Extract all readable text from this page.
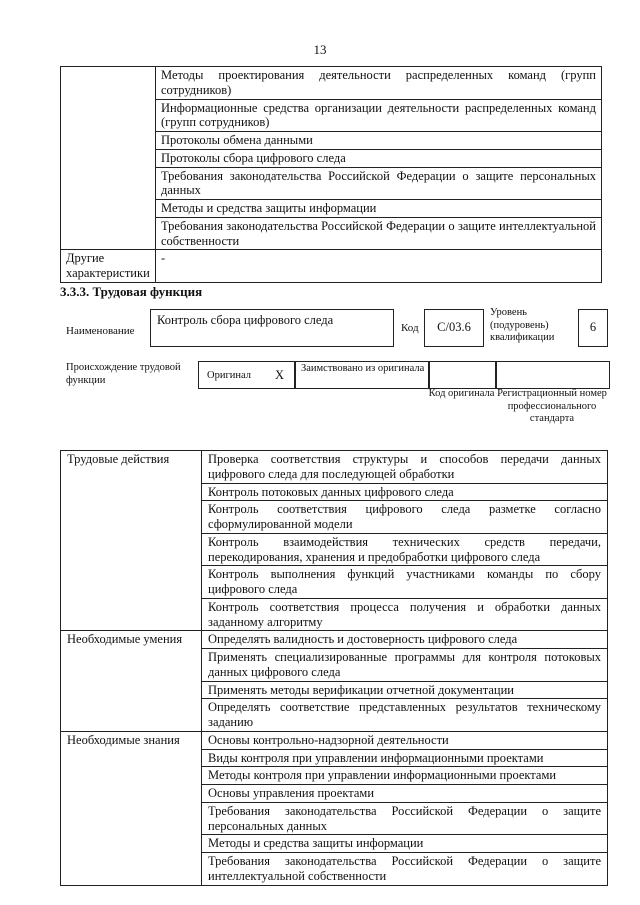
13
	Методы проектирования деятельности распределенных команд (групп сотрудников)
	Информационные средства организации деятельности распределенных команд (групп сотрудников)
	Протоколы обмена данными
	Протоколы сбора цифрового следа
	Требования законодательства Российской Федерации о защите персональных данных
	Методы и средства защиты информации
	Требования законодательства Российской Федерации о защите интеллектуальной собственности
Другие характеристики	-
3.3.3. Трудовая функция
Наименование
Контроль сбора цифрового следа
Код	C/03.6
Уровень (подуровень) квалификации
6
Происхождение трудовой функции	Оригинал X Заимствовано из оригинала
Код оригинала Регистрационный номер профессионального стандарта
Трудовые действия	Проверка соответствия структуры и способов передачи данных цифрового следа для последующей обработки
	Контроль потоковых данных цифрового следа
	Контроль соответствия цифрового следа разметке согласно сформулированной модели
	Контроль взаимодействия технических средств передачи, перекодирования, хранения и предобработки цифрового следа
	Контроль выполнения функций участниками команды по сбору цифрового следа
	Контроль соответствия процесса получения и обработки данных заданному алгоритму
Необходимые умения	Определять валидность и достоверность цифрового следа
	Применять специализированные программы для контроля потоковых данных цифрового следа
	Применять методы верификации отчетной документации
	Определять соответствие представленных результатов техническому заданию
Необходимые знания	Основы контрольно-надзорной деятельности
	Виды контроля при управлении информационными проектами
	Методы контроля при управлении информационными проектами
	Основы управления проектами
	Требования законодательства Российской Федерации о защите персональных данных
	Методы и средства защиты информации
	Требования законодательства Российской Федерации о защите интеллектуальной собственности
